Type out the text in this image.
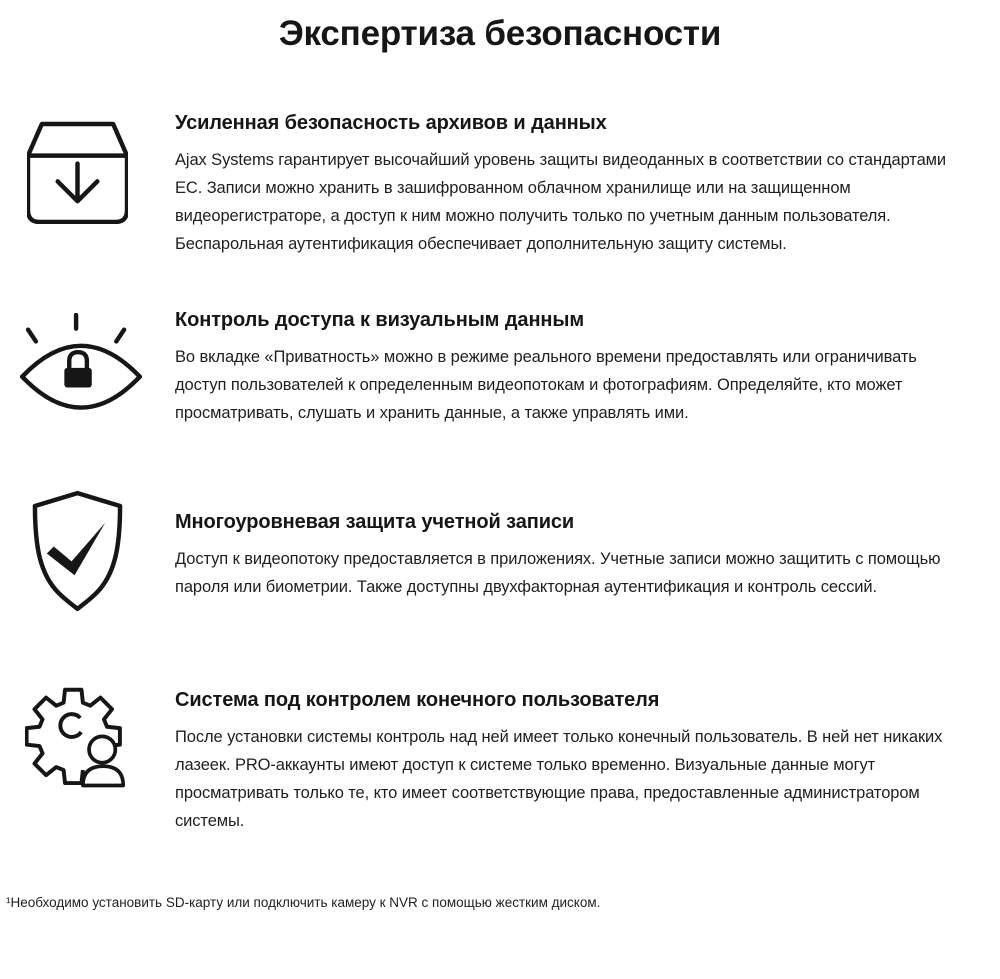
Экспертиза безопасности
Усиленная безопасность архивов и данных

Ajax Systems гарантирует высочайший уровень защиты видеоданных в соответствии со стандартами ЕС. Записи можно хранить в зашифрованном облачном хранилище или на защищенном видеорегистраторе, а доступ к ним можно получить только по учетным данным пользователя. Беспарольная аутентификация обеспечивает дополнительную защиту системы.

Контроль доступа к визуальным данным

Во вкладке «Приватность» можно в режиме реального времени предоставлять или ограничивать доступ пользователей к определенным видеопотокам и фотографиям. Определяйте, кто может просматривать, слушать и хранить данные, а также управлять ими.

Многоуровневая защита учетной записи

Доступ к видеопотоку предоставляется в приложениях. Учетные записи можно защитить с помощью пароля или биометрии. Также доступны двухфакторная аутентификация и контроль сессий.

Система под контролем конечного пользователя

После установки системы контроль над ней имеет только конечный пользователь. В ней нет никаких лазеек. PRO-аккаунты имеют доступ к системе только временно. Визуальные данные могут просматривать только те, кто имеет соответствующие права, предоставленные администратором системы.

¹Необходимо установить SD-карту или подключить камеру к NVR с помощью жестким диском.
